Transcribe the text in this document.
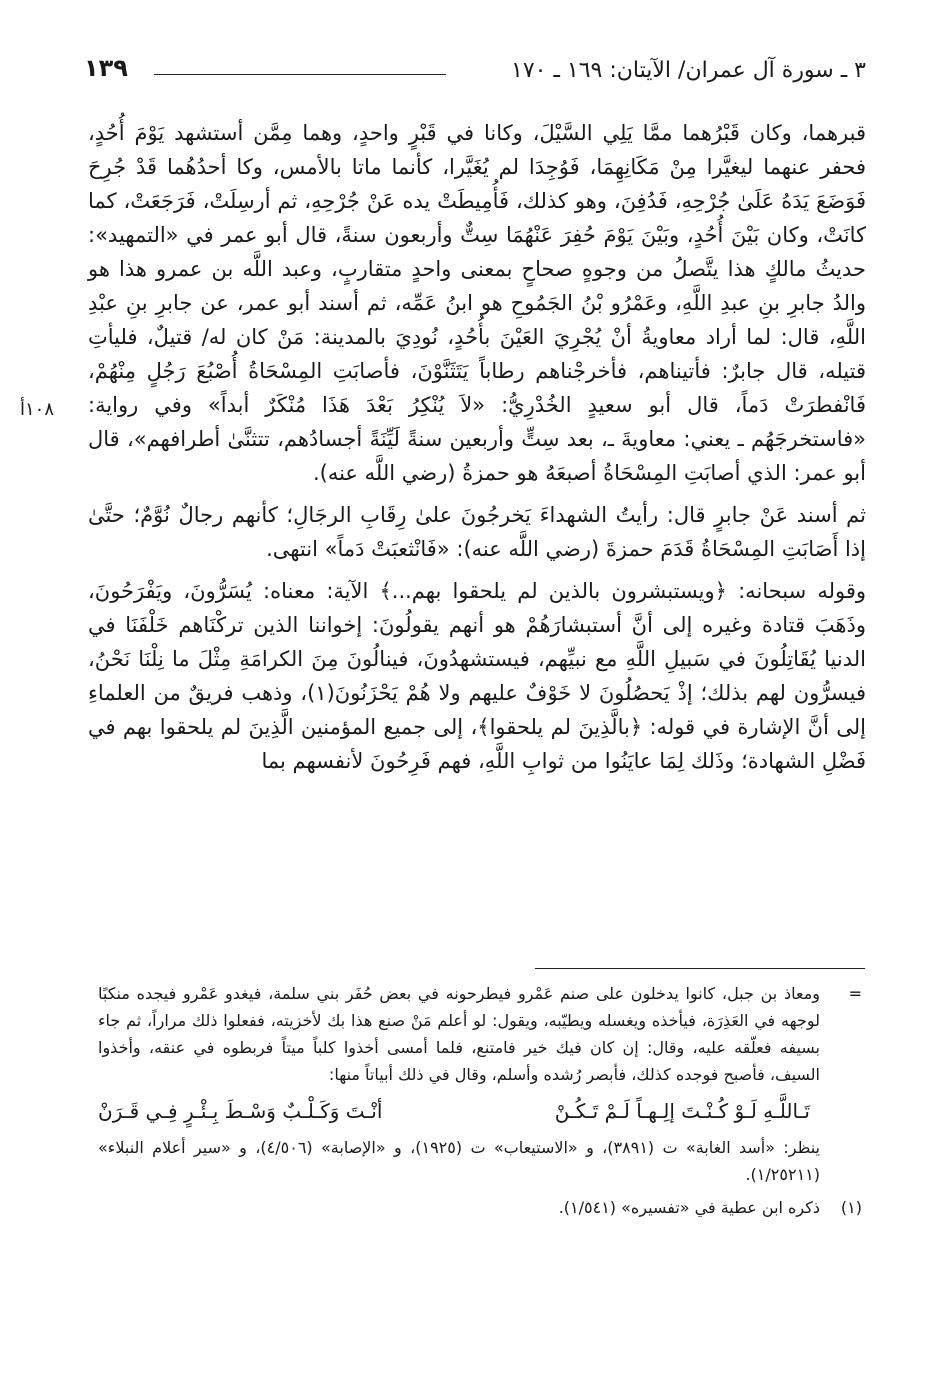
٣ ـ سورة آل عمران/ الآيتان: ١٦٩ ـ ١٧٠
١٣٩
١٠٨أ

قبرهما، وكان قَبْرُهما ممَّا يَلِي السَّيْلَ، وكانا في قَبْرٍ واحدٍ، وهما مِمَّن أستشهد يَوْمَ أُحُدٍ، فحفر عنهما ليغيَّرا مِنْ مَكَانِهِمَا، فَوُجِدَا لم يُغَيَّرا، كأنما ماتا بالأمس، وكا أحدُهُما قَدْ جُرِحَ فَوَضَعَ يَدَهُ عَلَىٰ جُرْحِهِ، فَدُفِنَ، وهو كذلك، فَأُمِيطَتْ يده عَنْ جُرْحِهِ، ثم أرسِلَتْ، فَرَجَعَتْ، كما كانَتْ، وكان بَيْنَ أُحُدٍ، وبَيْنَ يَوْمَ حُفِرَ عَنْهُمَا سِتٌّ وأربعون سنةً، قال أبو عمر في «التمهيد»: حديثُ مالكٍ هذا يتَّصلُ من وجوهٍ صحاحٍ بمعنى واحدٍ متقاربٍ، وعبد اللَّه بن عمرو هذا هو والدُ جابرِ بنِ عبدِ اللَّهِ، وعَمْرُو بْنُ الجَمُوحِ هو ابنُ عَمِّه، ثم أسند أبو عمر، عن جابرِ بنِ عبْدِ اللَّهِ، قال: لما أراد معاويةُ أنْ يُجْرِيَ العَيْنَ بأُحُدٍ، نُودِيَ بالمدينة: مَنْ كان له/ قتيلٌ، فليأتِ قتيله، قال جابرٌ: فأتيناهم، فأخرجْناهم رطاباً يَتَثَنَّوْنَ، فأصابَتِ المِسْحَاةُ أُصْبُعَ رَجُلٍ مِنْهُمْ، فَانْفطرَتْ دَماً، قال أبو سعيدٍ الخُدْرِيُّ: «لاَ يُنْكِرُ بَعْدَ هَذَا مُنْكَرٌ أبداً» وفي رواية: «فاستخرجَهُم ـ يعني: معاويةَ ـ، بعد سِتٍّ وأربعين سنةً لَيِّنَةً أجسادُهم، تتثنَّىٰ أطرافهم»، قال أبو عمر: الذي أصابَتِ المِسْحَاةُ أصبعَهُ هو حمزةُ (رضي اللَّه عنه).

ثم أسند عَنْ جابرٍ قال: رأيتُ الشهداءَ يَخرجُونَ علىٰ رِقَابِ الرجَالِ؛ كأنهم رجالٌ نُوَّمٌ؛ حتَّىٰ إذا أَصَابَتِ المِسْحَاةُ قَدَمَ حمزةَ (رضي اللَّه عنه): «فَانْثعبَتْ دَماً» انتهى.

وقوله سبحانه: ﴿ويستبشرون بالذين لم يلحقوا بهم...﴾ الآية: معناه: يُسَرُّونَ، ويَفْرَحُونَ، وذَهَبَ قتادة وغيره إلى أنَّ أستبشارَهُمْ هو أنهم يقولُونَ: إخواننا الذين تركْنَاهم خَلْفَنَا في الدنيا يُقَاتِلُونَ في سَبيلِ اللَّهِ مع نبيِّهم، فيستشهدُونَ، فينالُونَ مِنَ الكرامَةِ مِثْلَ ما نِلْنَا نَحْنُ، فيسرُّون لهم بذلك؛ إذْ يَحصُلُونَ لا خَوْفٌ عليهم ولا هُمْ يَحْزَنُونَ(١)، وذهب فريقٌ من العلماءِ إلى أنَّ الإشارة في قوله: ﴿بالَّذِينَ لم يلحقوا﴾، إلى جميع المؤمنين الَّذِينَ لم يلحقوا بهم في فَضْلِ الشهادة؛ وذَلك لِمَا عايَنُوا من ثوابِ اللَّهِ، فهم فَرِحُونَ لأنفسهم بما

=

ومعاذ بن جبل، كانوا يدخلون على صنم عَمْرو فيطرحونه في بعض حُفَر بني سلمة، فيغدو عَمْرو فيجده منكبًا لوجهه في العَذِرَة، فيأخذه ويغسله ويطيّبه، ويقول: لو أعلم مَنْ صنع هذا بك لأخزيته، ففعلوا ذلك مراراً، ثم جاء بسيفه فعلّقه عليه، وقال: إن كان فيك خير فامتنع، فلما أمسى أخذوا كلباً ميتاً فربطوه في عنقه، وأخذوا السيف، فأصبح فوجده كذلك، فأبصر رُشده وأسلم، وقال في ذلك أبياتاً منها:

تَـاللَّـهِ لَـوْ كُـنْـتَ إلِـهـاً لَـمْ تَـكُـنْ
أنْـتَ وَكَـلْـبٌ وَسْـطَ بِـئْـرٍ فِـي قَـرَنْ

ينظر: «أسد الغابة» ت (٣٨٩١)، و «الاستيعاب» ت (١٩٢٥)، و «الإصابة» (٤/٥٠٦)، و «سير أعلام النبلاء» (١/٢٥٢١١).

(١)
ذكره ابن عطية في «تفسيره» (١/٥٤١).
